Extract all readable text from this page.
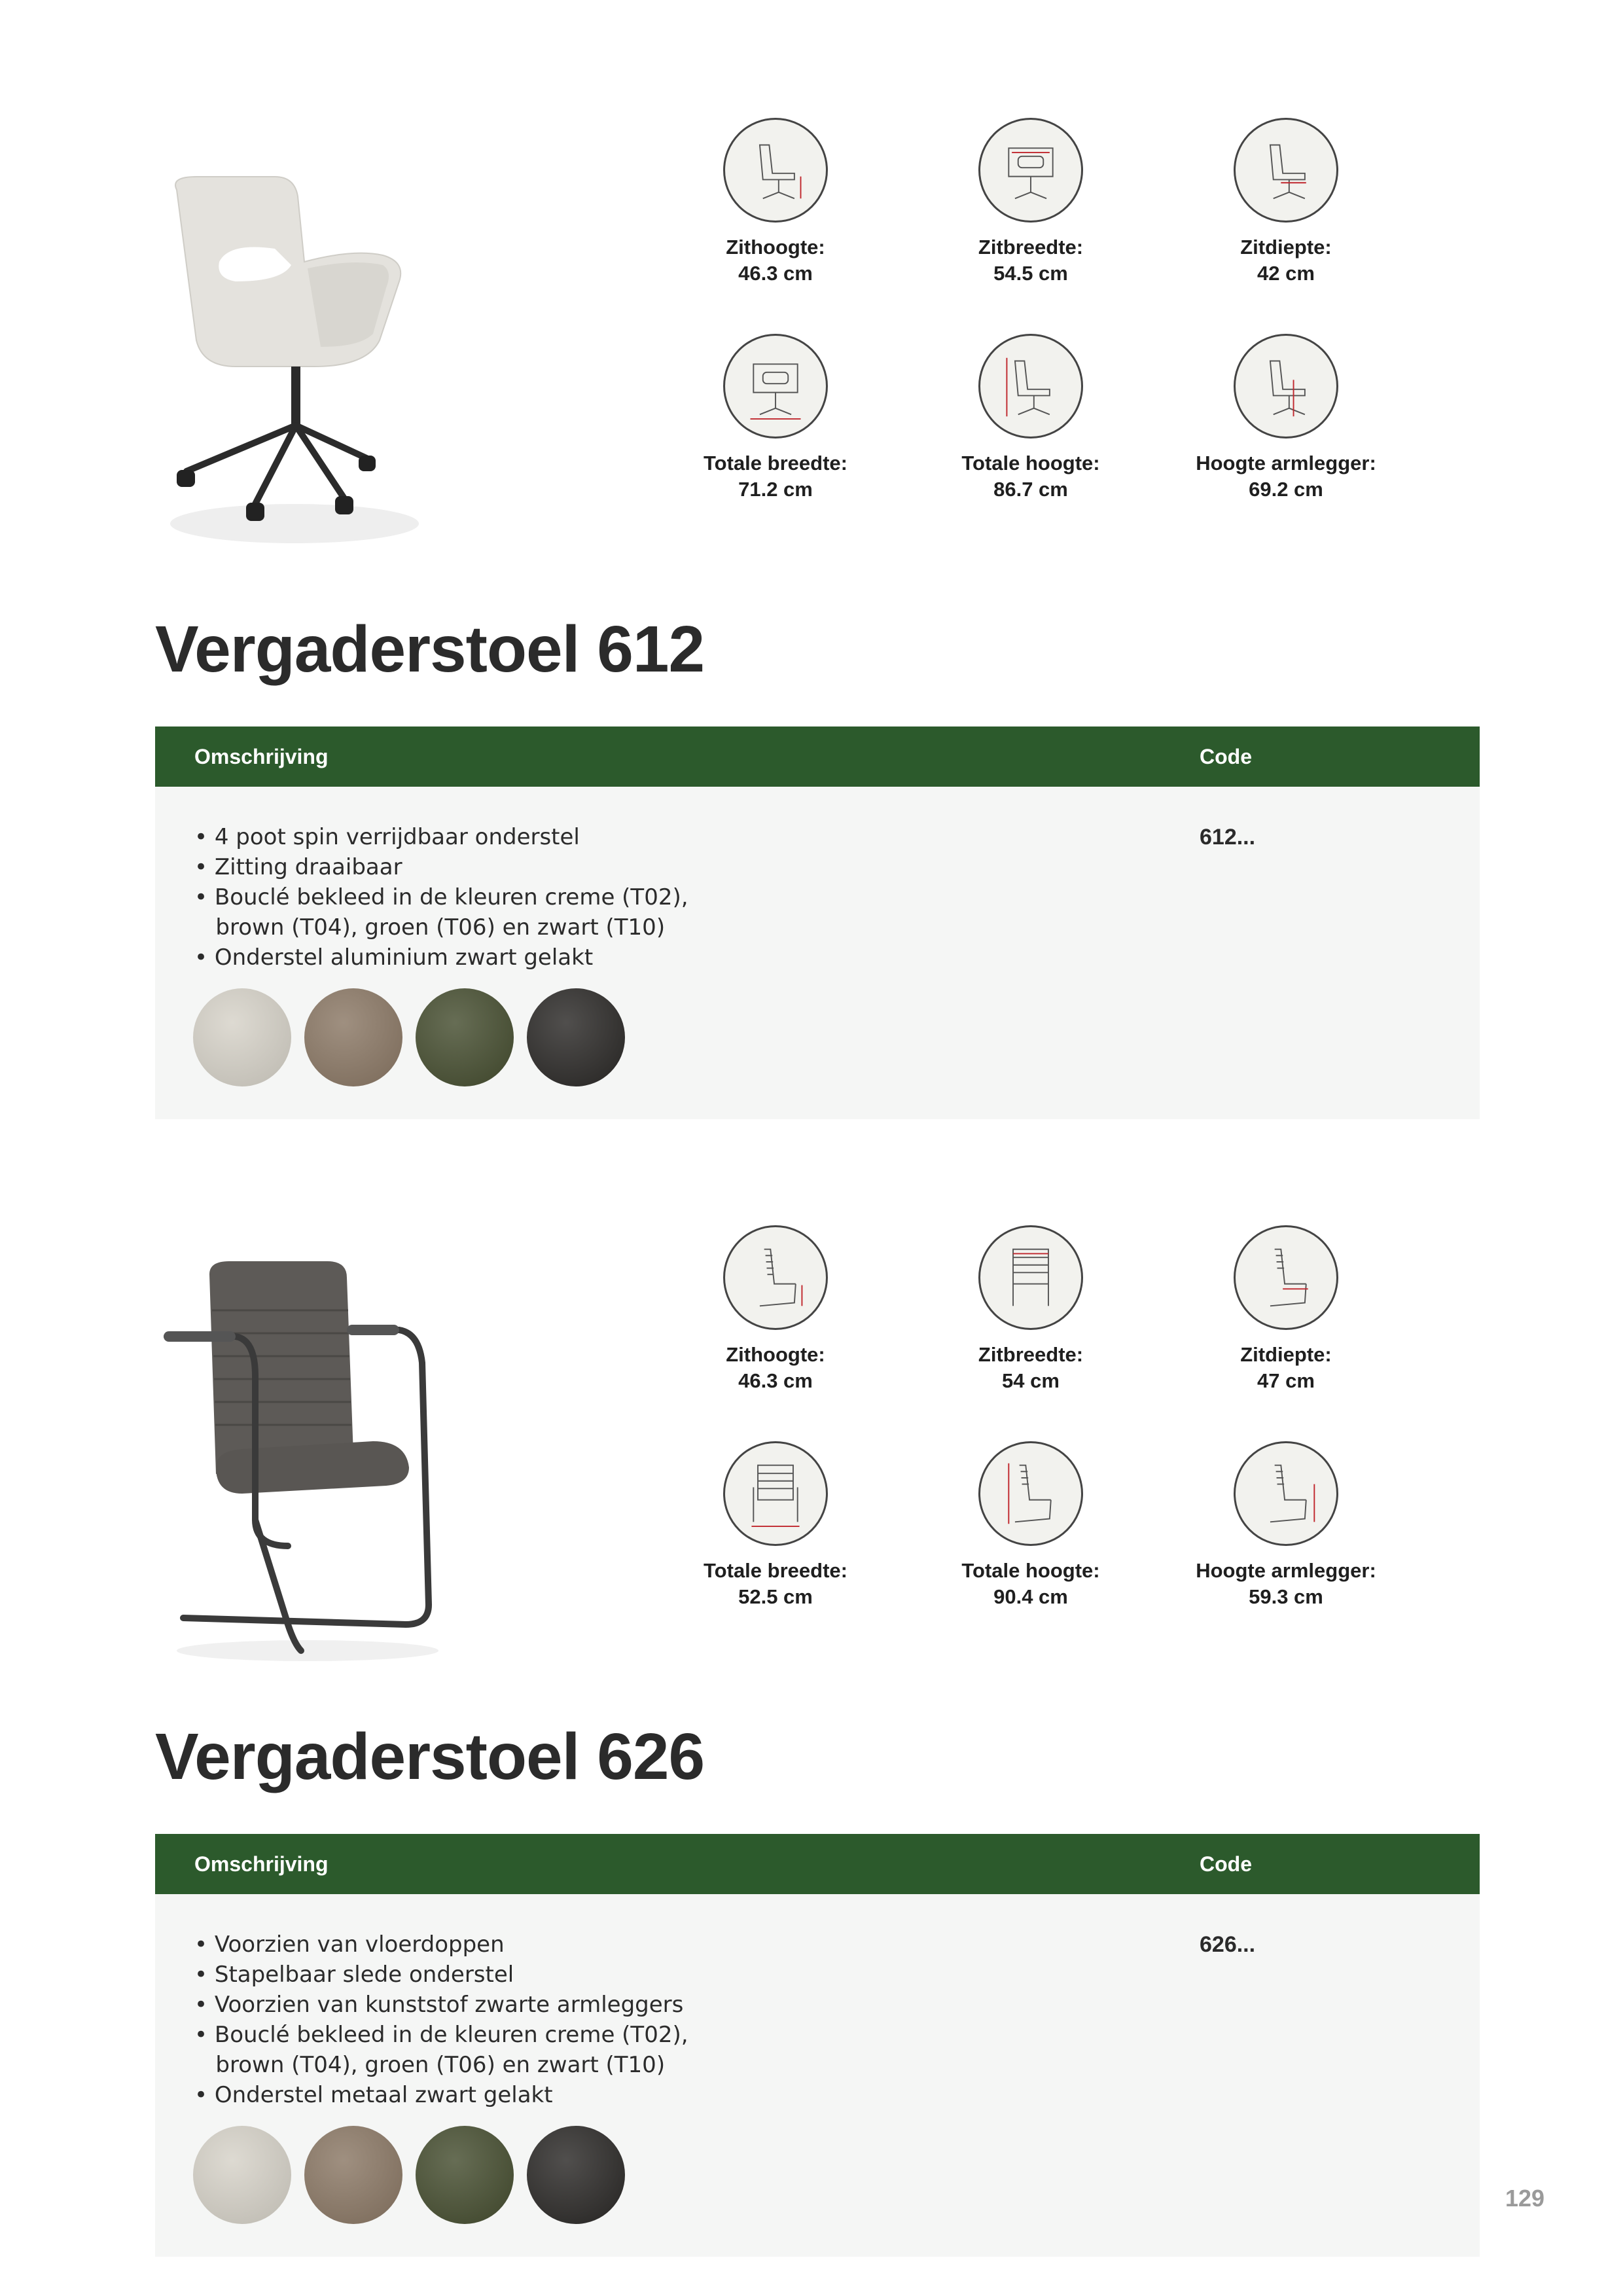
Zithoogte:
46.3 cm
Zitbreedte:
54.5 cm
Zitdiepte:
42 cm
Totale breedte:
71.2 cm
Totale hoogte:
86.7 cm
Hoogte armlegger:
69.2 cm
Vergaderstoel 612
Omschrijving	Code
• 4 poot spin verrijdbaar onderstel
• Zitting draaibaar
• Bouclé bekleed in de kleuren creme (T02),
brown (T04), groen (T06) en zwart (T10)
• Onderstel aluminium zwart gelakt
612...
Zithoogte:
46.3 cm
Zitbreedte:
54 cm
Zitdiepte:
47 cm
Totale breedte:
52.5 cm
Totale hoogte:
90.4 cm
Hoogte armlegger:
59.3 cm
Vergaderstoel 626
Omschrijving	Code
• Voorzien van vloerdoppen
• Stapelbaar slede onderstel
• Voorzien van kunststof zwarte armleggers
• Bouclé bekleed in de kleuren creme (T02),
brown (T04), groen (T06) en zwart (T10)
• Onderstel metaal zwart gelakt
626...
129
